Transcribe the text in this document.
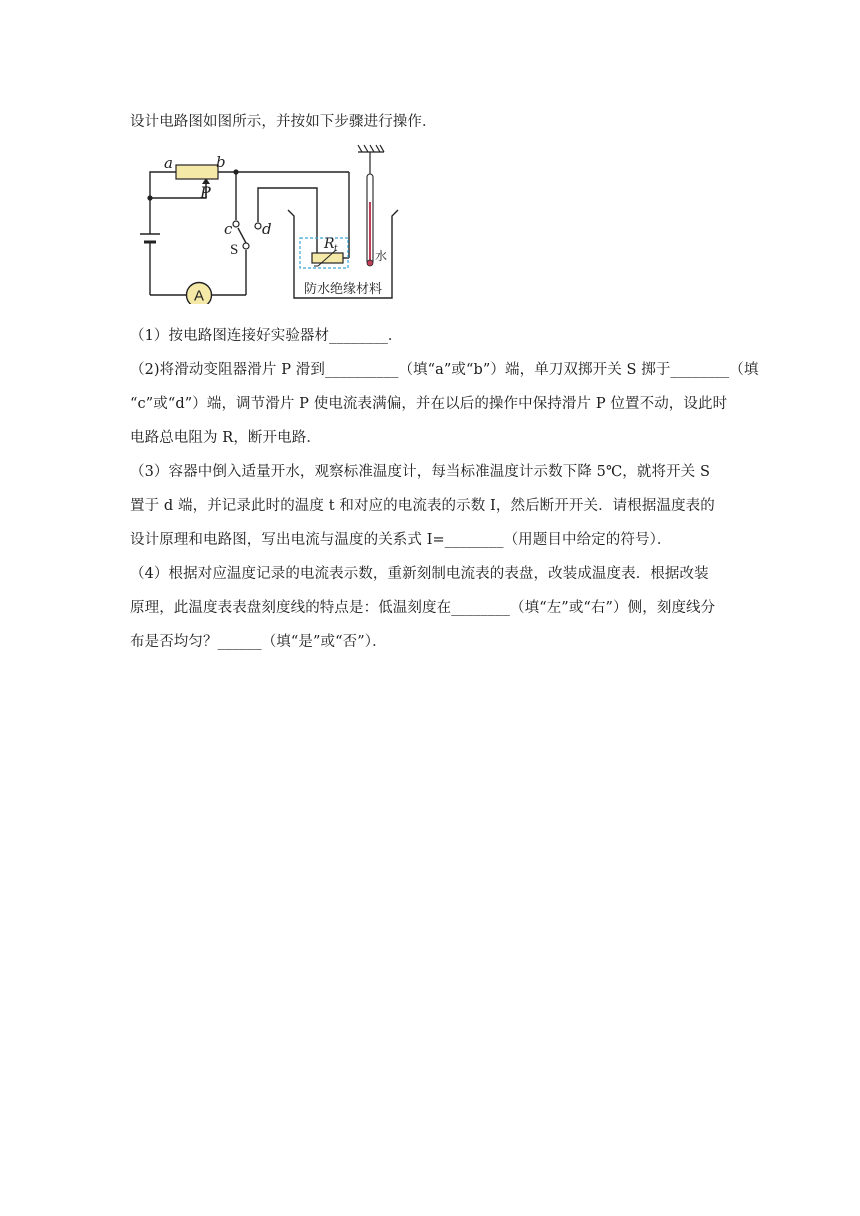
设计电路图如图所示，并按如下步骤进行操作．
A	防水绝缘材料
R t
a	b
P
c d
S	水
（1）按电路图连接好实验器材________．
（2)将滑动变阻器滑片 P 滑到__________（填“a”或“b”）端，单刀双掷开关 S 掷于________（填
“c”或“d”）端，调节滑片 P 使电流表满偏，并在以后的操作中保持滑片 P 位置不动，设此时
电路总电阻为 R，断开电路．
（3）容器中倒入适量开水，观察标准温度计，每当标准温度计示数下降 5℃，就将开关 S
置于 d 端，并记录此时的温度 t 和对应的电流表的示数 I，然后断开开关．请根据温度表的
设计原理和电路图，写出电流与温度的关系式 I=________（用题目中给定的符号）．
（4）根据对应温度记录的电流表示数，重新刻制电流表的表盘，改装成温度表．根据改装
原理，此温度表表盘刻度线的特点是：低温刻度在________（填“左”或“右”）侧，刻度线分
布是否均匀？______（填“是”或“否”）．
